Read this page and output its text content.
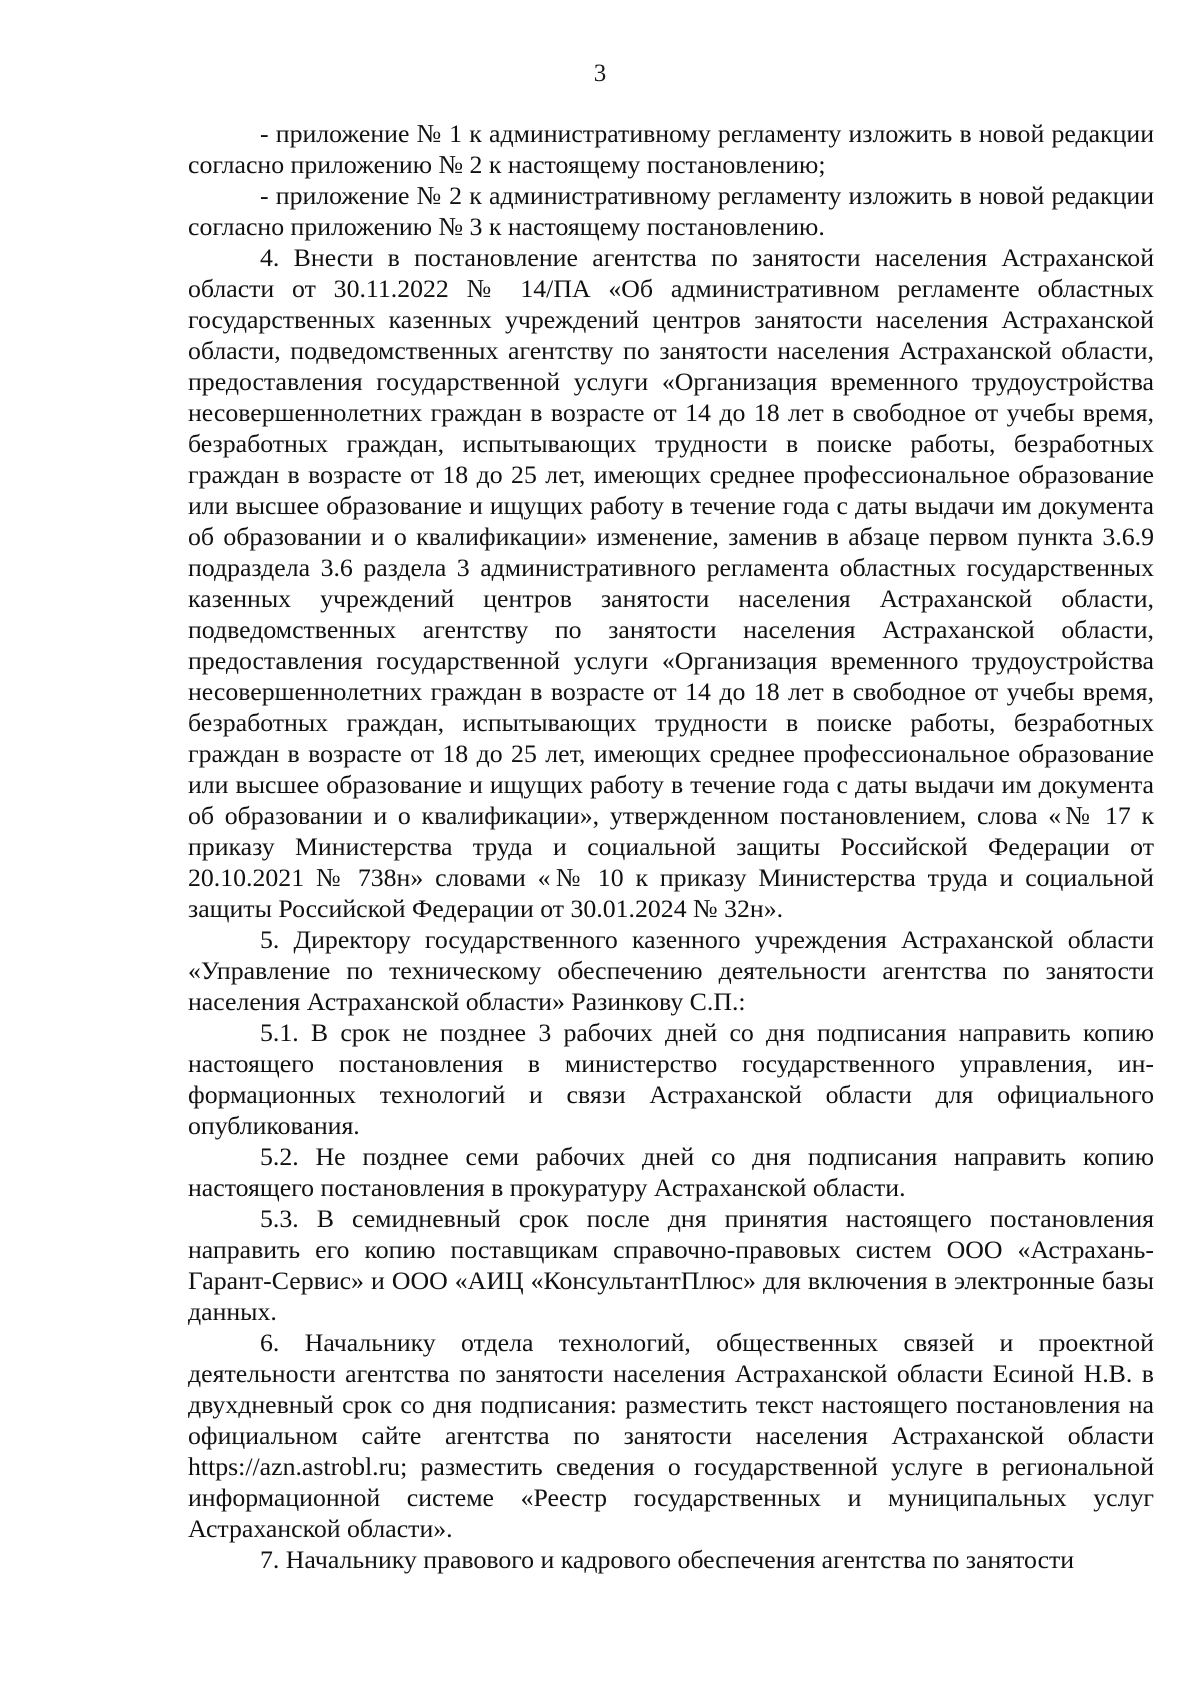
3

- приложение № 1 к административному регламенту изложить в новой редакции согласно приложению № 2 к настоящему постановлению;

- приложение № 2 к административному регламенту изложить в новой редакции согласно приложению № 3 к настоящему постановлению.

4. Внести в постановление агентства по занятости населения Астраханской области от 30.11.2022 № 14/ПА «Об административном регламенте областных государственных казенных учреждений центров занятости населения Астраханской области, подведомственных агентству по занятости населения Астраханской области, предоставления государственной услуги «Организация временного трудоустройства несовершеннолетних граждан в возрасте от 14 до 18 лет в свободное от учебы время, безработных граждан, испытывающих трудности в поиске работы, безработных граждан в возрасте от 18 до 25 лет, имеющих среднее профессиональное образование или высшее образование и ищущих работу в течение года с даты выдачи им документа об образовании и о квалификации» изменение, заменив в абзаце первом пункта 3.6.9 подраздела 3.6 раздела 3 административного регламента областных государственных казенных учреждений центров занятости населения Астраханской области, подведомственных агентству по занятости населения Астраханской области, предоставления государственной услуги «Организация временного трудоустройства несовершеннолетних граждан в возрасте от 14 до 18 лет в свободное от учебы время, безработных граждан, испытывающих трудности в поиске работы, безработных граждан в возрасте от 18 до 25 лет, имеющих среднее профессиональное образование или высшее образование и ищущих работу в течение года с даты выдачи им документа об образовании и о квалификации», утвержденном постановлением, слова «№ 17 к приказу Министерства труда и социальной защиты Российской Федерации от 20.10.2021 № 738н» словами «№ 10 к приказу Министерства труда и социальной защиты Российской Федерации от 30.01.2024 № 32н».

5. Директору государственного казенного учреждения Астраханской области «Управление по техническому обеспечению деятельности агентства по занятости населения Астраханской области» Разинкову С.П.:

5.1. В срок не позднее 3 рабочих дней со дня подписания направить копию настоящего постановления в министерство государственного управления, информационных технологий и связи Астраханской области для официального опубликования.

5.2. Не позднее семи рабочих дней со дня подписания направить копию настоящего постановления в прокуратуру Астраханской области.

5.3. В семидневный срок после дня принятия настоящего постановления направить его копию поставщикам справочно-правовых систем ООО «Астрахань-Гарант-Сервис» и ООО «АИЦ «КонсультантПлюс» для включения в электронные базы данных.

6. Начальнику отдела технологий, общественных связей и проектной деятельности агентства по занятости населения Астраханской области Есиной Н.В. в двухдневный срок со дня подписания: разместить текст настоящего постановления на официальном сайте агентства по занятости населения Астраханской области https://azn.astrobl.ru; разместить сведения о государственной услуге в региональной информационной системе «Реестр государственных и муниципальных услуг Астраханской области».

7. Начальнику правового и кадрового обеспечения агентства по занятости
